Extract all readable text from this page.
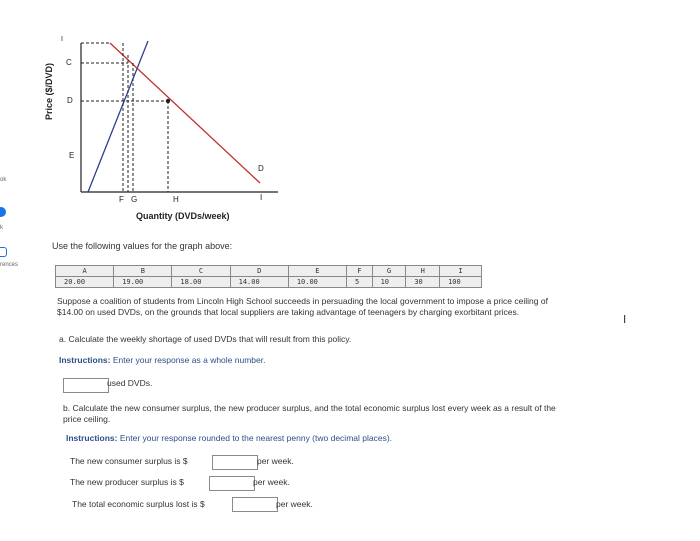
ok
k
rences
Price ($/DVD)
I
C
D
E
F G	H
D
I
Quantity (DVDs/week)
Use the following values for the graph above:
A	B	C	D	E	F	G	H	I
20.00	19.00	18.00	14.00	10.00	5	10	30	100
Suppose a coalition of students from Lincoln High School succeeds in persuading the local government to impose a price ceiling of
$14.00 on used DVDs, on the grounds that local suppliers are taking advantage of teenagers by charging exorbitant prices.
I
a. Calculate the weekly shortage of used DVDs that will result from this policy.
Instructions: Enter your response as a whole number.
used DVDs.
b. Calculate the new consumer surplus, the new producer surplus, and the total economic surplus lost every week as a result of the
price ceiling.
Instructions: Enter your response rounded to the nearest penny (two decimal places).
The new consumer surplus is $	per week.
The new producer surplus is $	per week.
The total economic surplus lost is $	per week.
